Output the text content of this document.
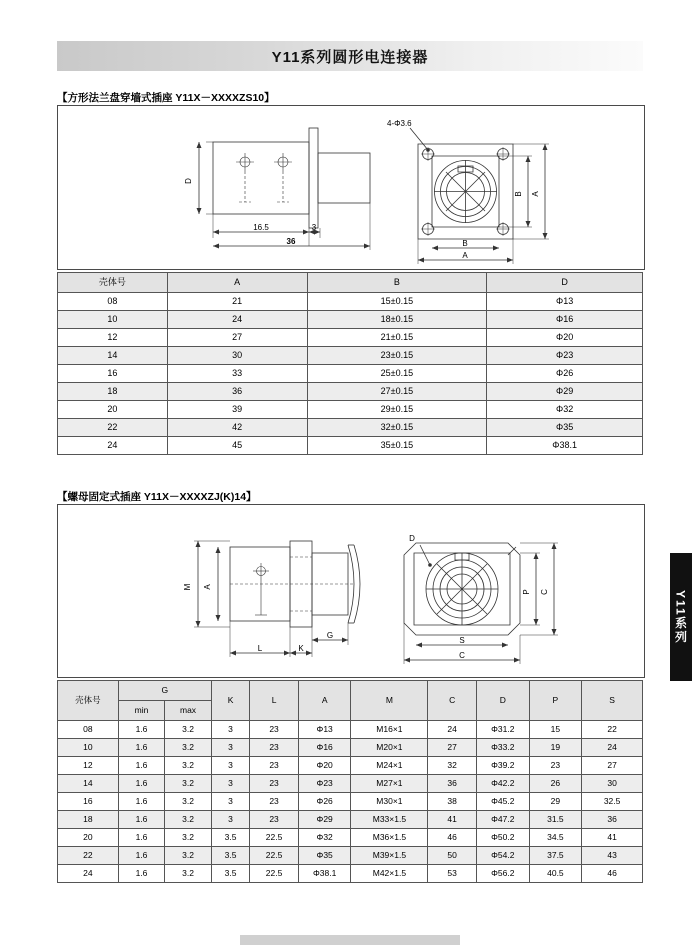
Y11系列圆形电连接器
【方形法兰盘穿墙式插座 Y11X－XXXXZS10】
4-Φ3.6
D
B A
B
A
16.5	3
36
壳体号	A	B	D
08	21	15±0.15	Φ13
10	24	18±0.15	Φ16
12	27	21±0.15	Φ20
14	30	23±0.15	Φ23
16	33	25±0.15	Φ26
18	36	27±0.15	Φ29
20	39	29±0.15	Φ32
22	42	32±0.15	Φ35
24	45	35±0.15	Φ38.1
【螺母固定式插座 Y11X－XXXXZJ(K)14】
M A
G
K
L
D
P C
S
C
壳体号	G		K	L	A	M	C	D	P	S
	min	max								
08	1.6	3.2	3	23	Φ13	M16×1	24	Φ31.2	15	22
10	1.6	3.2	3	23	Φ16	M20×1	27	Φ33.2	19	24
12	1.6	3.2	3	23	Φ20	M24×1	32	Φ39.2	23	27
14	1.6	3.2	3	23	Φ23	M27×1	36	Φ42.2	26	30
16	1.6	3.2	3	23	Φ26	M30×1	38	Φ45.2	29	32.5
18	1.6	3.2	3	23	Φ29	M33×1.5	41	Φ47.2	31.5	36
20	1.6	3.2	3.5	22.5	Φ32	M36×1.5	46	Φ50.2	34.5	41
22	1.6	3.2	3.5	22.5	Φ35	M39×1.5	50	Φ54.2	37.5	43
24	1.6	3.2	3.5	22.5	Φ38.1	M42×1.5	53	Φ56.2	40.5	46
Y11系列
